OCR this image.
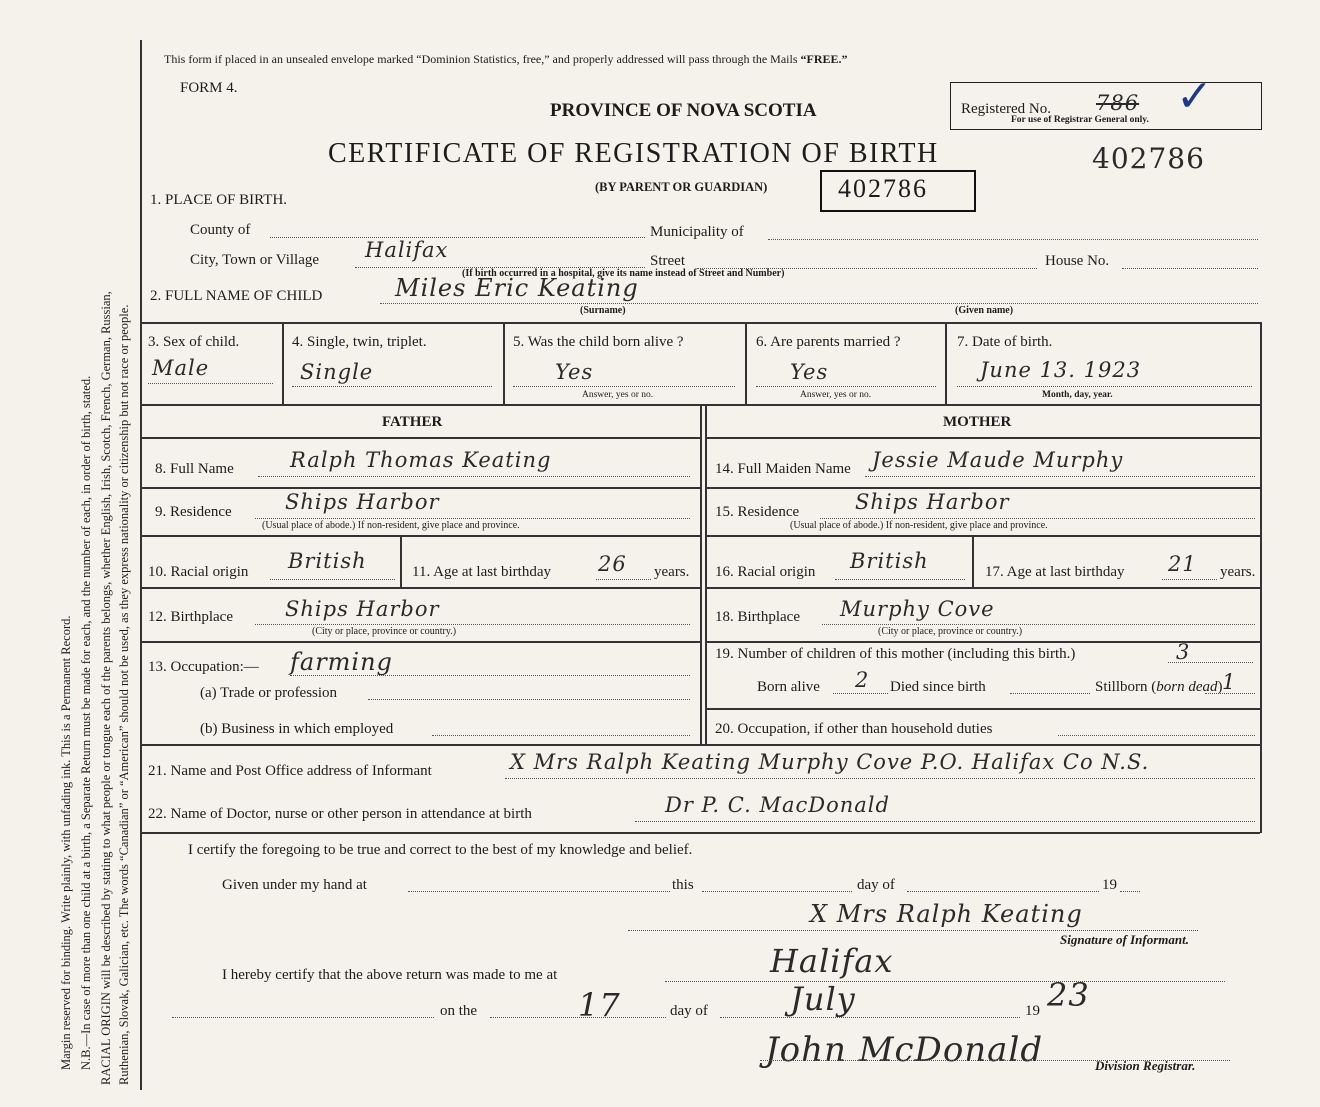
Margin reserved for binding. Write plainly, with unfading ink. This is a Permanent Record. N.B.—In case of more than one child at a birth, a Separate Return must be made for each, and the number of each, in order of birth, stated. RACIAL ORIGIN will be described by stating to what people or tongue each of the parents belongs, whether English, Irish, Scotch, French, German, Russian, Ruthenian, Slovak, Galician, etc. The words “Canadian” or “American” should not be used, as they express nationality or citizenship but not race or people.
This form if placed in an unsealed envelope marked “Dominion Statistics, free,” and properly addressed will pass through the Mails “FREE.”
FORM 4.
PROVINCE OF NOVA SCOTIA	Registered No. 786
For use of Registrar General only. ✓
CERTIFICATE OF REGISTRATION OF BIRTH	402786
(BY PARENT OR GUARDIAN)	402786
1. PLACE OF BIRTH.
County of	Municipality of
City, Town or Village Halifax	Street	House No.
(If birth occurred in a hospital, give its name instead of Street and Number)
2. FULL NAME OF CHILD	Miles Eric Keating
(Surname)	(Given name)
3. Sex of child.
Male
4. Single, twin, triplet.
Single
5. Was the child born alive ?
Yes
Answer, yes or no.
6. Are parents married ?
Yes
Answer, yes or no.
7. Date of birth.
June 13. 1923
Month, day, year.
FATHER	MOTHER
8. Full Name	Ralph Thomas Keating
9. Residence	Ships Harbor
(Usual place of abode.) If non-resident, give place and province.
10. Racial origin British	11. Age at last birthday 26 years.
12. Birthplace Ships Harbor
(City or place, province or country.)
13. Occupation:— farming
(a) Trade or profession
(b) Business in which employed
14. Full Maiden Name Jessie Maude Murphy
15. Residence	Ships Harbor
(Usual place of abode.) If non-resident, give place and province.
16. Racial origin British	17. Age at last birthday 21 years.
18. Birthplace Murphy Cove
(City or place, province or country.)
19. Number of children of this mother (including this birth.)	3
Born alive 2 Died since birth	Stillborn (born dead) 1
20. Occupation, if other than household duties
21. Name and Post Office address of Informant	X Mrs Ralph Keating Murphy Cove P.O. Halifax Co N.S.
22. Name of Doctor, nurse or other person in attendance at birth	Dr P. C. MacDonald
I certify the foregoing to be true and correct to the best of my knowledge and belief.
Given under my hand at	this	day of	19
X Mrs Ralph Keating
Signature of Informant.
I hereby certify that the above return was made to me at	Halifax
on the	17	day of	July	19 23
John McDonald	Division Registrar.
